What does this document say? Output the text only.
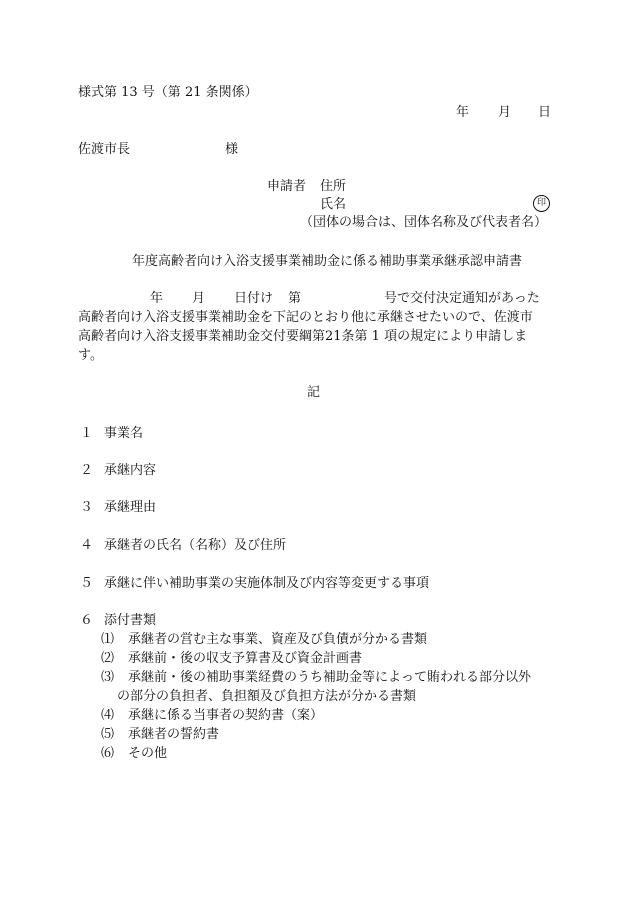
様式第 13 号（第 21 条関係）
年 月 日
佐渡市長	様
申請者 住所
氏名	印
（団体の場合は、団体名称及び代表者名）
年度高齢者向け入浴支援事業補助金に係る補助事業承継承認申請書
年 月 日付け 第	号で交付決定通知があった
高齢者向け入浴支援事業補助金を下記のとおり他に承継させたいので、佐渡市
高齢者向け入浴支援事業補助金交付要綱第21条第 1 項の規定により申請しま
す。
記
１ 事業名
２ 承継内容
３ 承継理由
４ 承継者の氏名（名称）及び住所
５ 承継に伴い補助事業の実施体制及び内容等変更する事項
６ 添付書類
⑴ 承継者の営む主な事業、資産及び負債が分かる書類
⑵ 承継前・後の収支予算書及び資金計画書
⑶ 承継前・後の補助事業経費のうち補助金等によって賄われる部分以外
の部分の負担者、負担額及び負担方法が分かる書類
⑷ 承継に係る当事者の契約書（案）
⑸ 承継者の誓約書
⑹ その他
